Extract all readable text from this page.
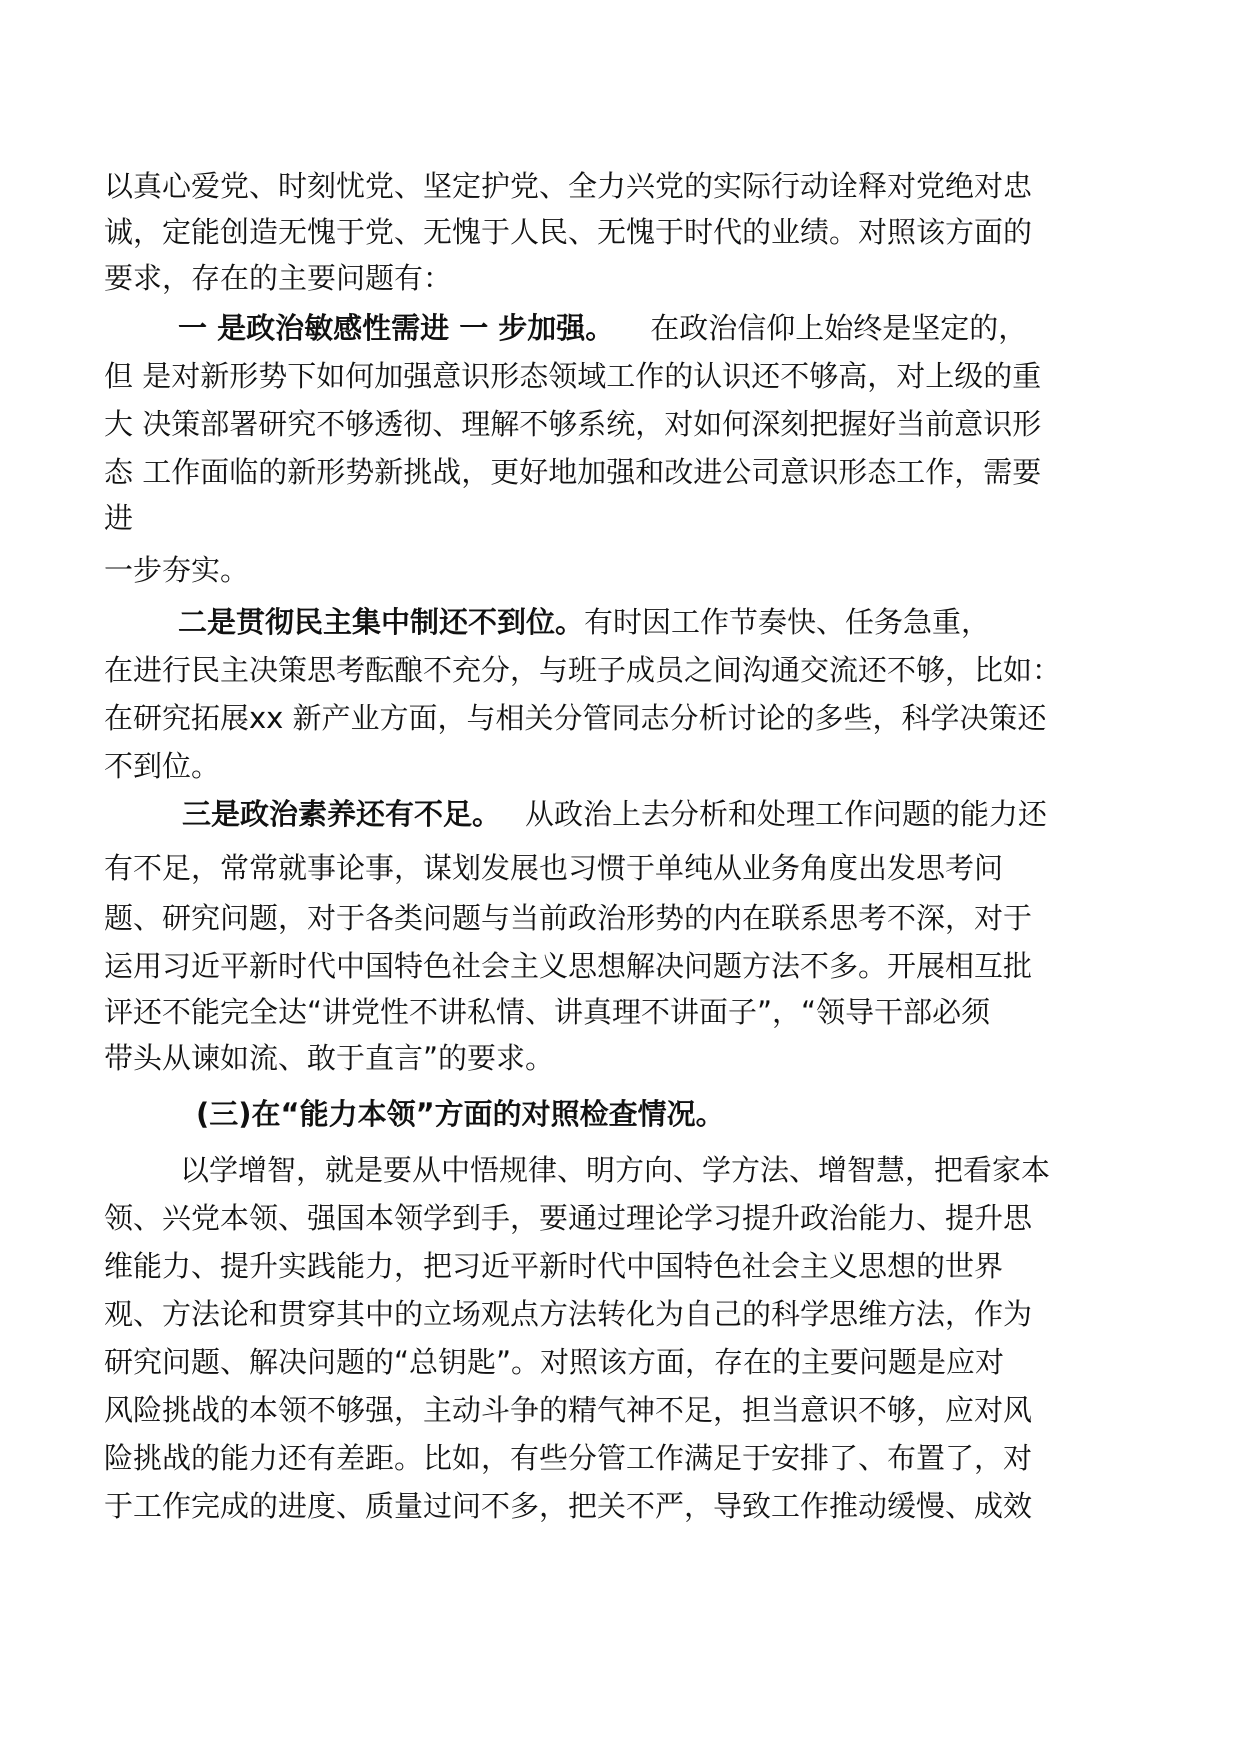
以真心爱党、时刻忧党、坚定护党、全力兴党的实际行动诠释对党绝对忠
诚，定能创造无愧于党、无愧于人民、无愧于时代的业绩。对照该方面的
要求，存在的主要问题有：
一 是政治敏感性需进 一 步加强。 在政治信仰上始终是坚定的，
但 是对新形势下如何加强意识形态领域工作的认识还不够高，对上级的重
大 决策部署研究不够透彻、理解不够系统，对如何深刻把握好当前意识形
态 工作面临的新形势新挑战，更好地加强和改进公司意识形态工作，需要
进
一步夯实。
二是贯彻民主集中制还不到位。有时因工作节奏快、任务急重，
在进行民主决策思考酝酿不充分，与班子成员之间沟通交流还不够，比如：
在研究拓展xx 新产业方面，与相关分管同志分析讨论的多些，科学决策还
不到位。
三是政治素养还有不足。 从政治上去分析和处理工作问题的能力还
有不足，常常就事论事，谋划发展也习惯于单纯从业务角度出发思考问
题、研究问题，对于各类问题与当前政治形势的内在联系思考不深，对于
运用习近平新时代中国特色社会主义思想解决问题方法不多。开展相互批
评还不能完全达“讲党性不讲私情、讲真理不讲面子”，“领导干部必须
带头从谏如流、敢于直言”的要求。
(三)在“能力本领”方面的对照检查情况。
以学增智，就是要从中悟规律、明方向、学方法、增智慧，把看家本
领、兴党本领、强国本领学到手，要通过理论学习提升政治能力、提升思
维能力、提升实践能力，把习近平新时代中国特色社会主义思想的世界
观、方法论和贯穿其中的立场观点方法转化为自己的科学思维方法，作为
研究问题、解决问题的“总钥匙”。对照该方面，存在的主要问题是应对
风险挑战的本领不够强，主动斗争的精气神不足，担当意识不够，应对风
险挑战的能力还有差距。比如，有些分管工作满足于安排了、布置了，对
于工作完成的进度、质量过问不多，把关不严，导致工作推动缓慢、成效
